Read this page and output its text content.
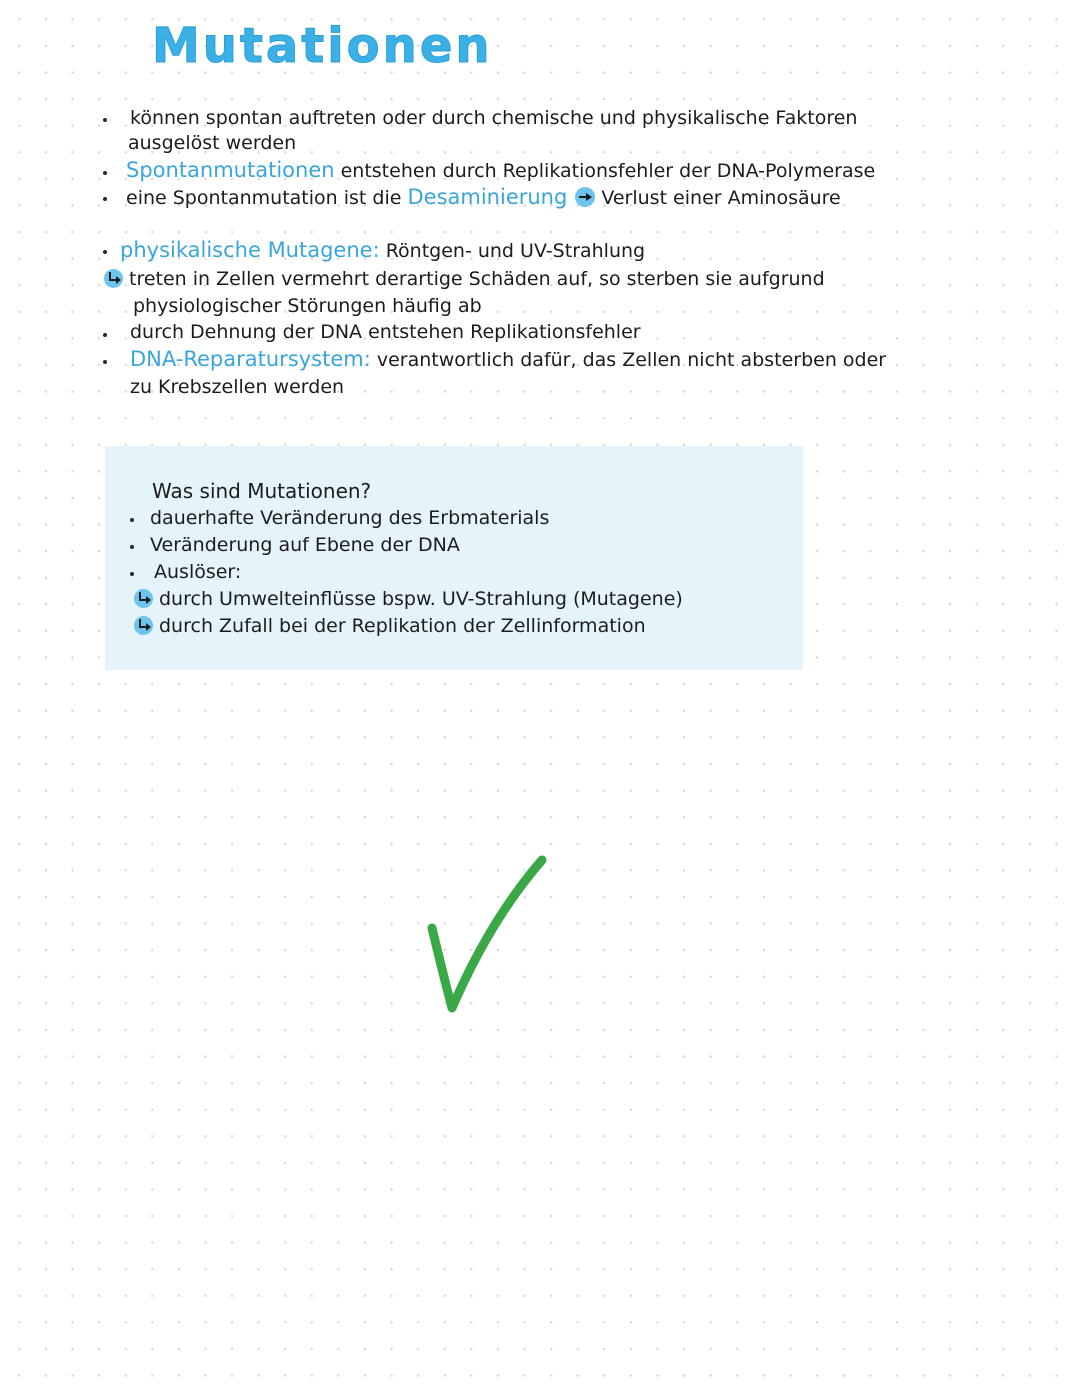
Mutationen
können spontan auftreten oder durch chemische und physikalische Faktoren
ausgelöst werden
Spontanmutationen entstehen durch Replikationsfehler der DNA-Polymerase
eine Spontanmutation ist die Desaminierung Verlust einer Aminosäure
physikalische Mutagene: Röntgen- und UV-Strahlung
treten in Zellen vermehrt derartige Schäden auf, so sterben sie aufgrund
physiologischer Störungen häufig ab
durch Dehnung der DNA entstehen Replikationsfehler
DNA-Reparatursystem: verantwortlich dafür, das Zellen nicht absterben oder
zu Krebszellen werden
Was sind Mutationen?
dauerhafte Veränderung des Erbmaterials
Veränderung auf Ebene der DNA
Auslöser:
durch Umwelteinflüsse bspw. UV-Strahlung (Mutagene)
durch Zufall bei der Replikation der Zellinformation
